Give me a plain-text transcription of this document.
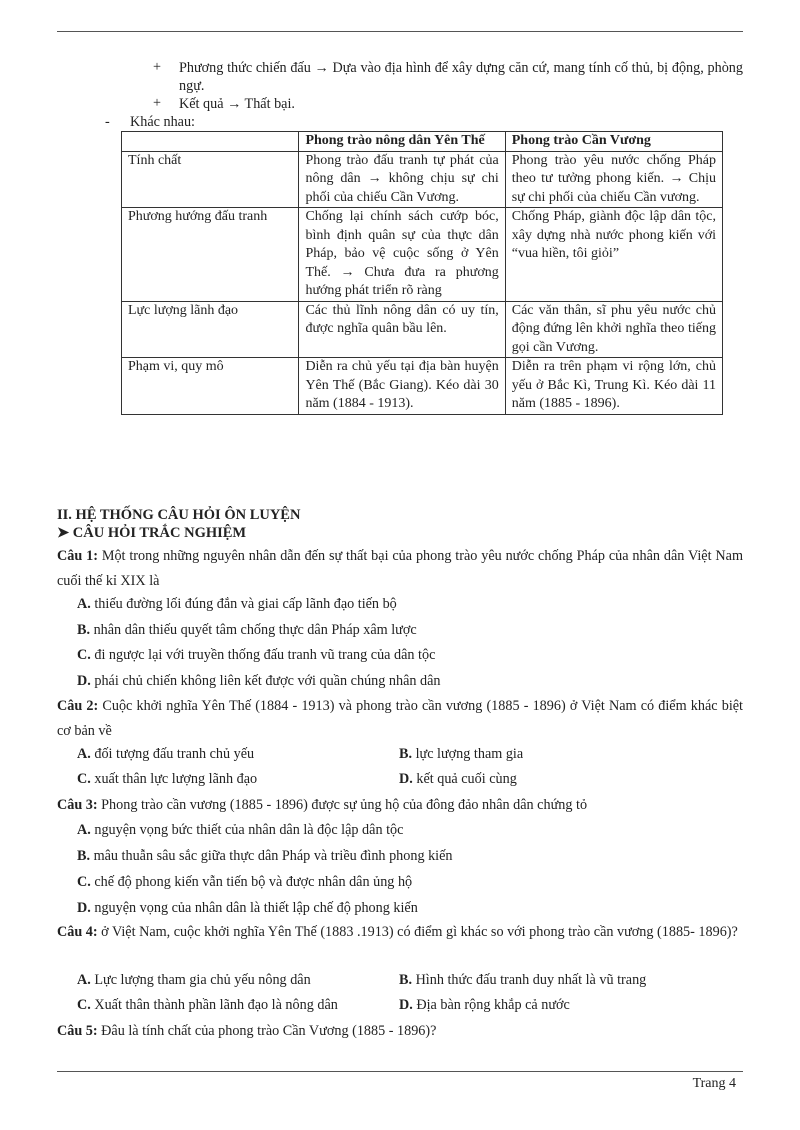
+ Phương thức chiến đấu → Dựa vào địa hình để xây dựng căn cứ, mang tính cố thủ, bị động, phòng ngự.
+ Kết quả → Thất bại.
- Khác nhau:
	Phong trào nông dân Yên Thế	Phong trào Cần Vương
Tính chất	Phong trào đấu tranh tự phát của nông dân → không chịu sự chi phối của chiếu Cần Vương.	Phong trào yêu nước chống Pháp theo tư tưởng phong kiến. → Chịu sự chi phối của chiếu Cần vương.
Phương hướng đấu tranh	Chống lại chính sách cướp bóc, bình định quân sự của thực dân Pháp, bảo vệ cuộc sống ở Yên Thế. → Chưa đưa ra phương hướng phát triển rõ ràng	Chống Pháp, giành độc lập dân tộc, xây dựng nhà nước phong kiến với “vua hiền, tôi giỏi”
Lực lượng lãnh đạo	Các thủ lĩnh nông dân có uy tín, được nghĩa quân bầu lên.	Các văn thân, sĩ phu yêu nước chủ động đứng lên khởi nghĩa theo tiếng gọi cần Vương.
Phạm vi, quy mô	Diễn ra chủ yếu tại địa bàn huyện Yên Thế (Bắc Giang). Kéo dài 30 năm (1884 - 1913).	Diễn ra trên phạm vi rộng lớn, chủ yếu ở Bắc Kì, Trung Kì. Kéo dài 11 năm (1885 - 1896).
II. HỆ THỐNG CÂU HỎI ÔN LUYỆN
➤ CÂU HỎI TRẮC NGHIỆM
Câu 1: Một trong những nguyên nhân dẫn đến sự thất bại của phong trào yêu nước chống Pháp của nhân dân Việt Nam cuối thế kỉ XIX là
A. thiếu đường lối đúng đắn và giai cấp lãnh đạo tiến bộ
B. nhân dân thiếu quyết tâm chống thực dân Pháp xâm lược
C. đi ngược lại với truyền thống đấu tranh vũ trang của dân tộc
D. phái chủ chiến không liên kết được với quần chúng nhân dân
Câu 2: Cuộc khởi nghĩa Yên Thế (1884 - 1913) và phong trào cần vương (1885 - 1896) ở Việt Nam có điểm khác biệt cơ bản về
A. đối tượng đấu tranh chủ yếu	B. lực lượng tham gia
C. xuất thân lực lượng lãnh đạo	D. kết quả cuối cùng
Câu 3: Phong trào cần vương (1885 - 1896) được sự ủng hộ của đông đảo nhân dân chứng tỏ
A. nguyện vọng bức thiết của nhân dân là độc lập dân tộc
B. mâu thuẫn sâu sắc giữa thực dân Pháp và triều đình phong kiến
C. chế độ phong kiến vẫn tiến bộ và được nhân dân ủng hộ
D. nguyện vọng của nhân dân là thiết lập chế độ phong kiến
Câu 4: ở Việt Nam, cuộc khởi nghĩa Yên Thế (1883 .1913) có điểm gì khác so với phong trào cần vương (1885- 1896)?
A. Lực lượng tham gia chủ yếu nông dân	B. Hình thức đấu tranh duy nhất là vũ trang
C. Xuất thân thành phần lãnh đạo là nông dân	D. Địa bàn rộng khắp cả nước
Câu 5: Đâu là tính chất của phong trào Cần Vương (1885 - 1896)?
Trang 4
